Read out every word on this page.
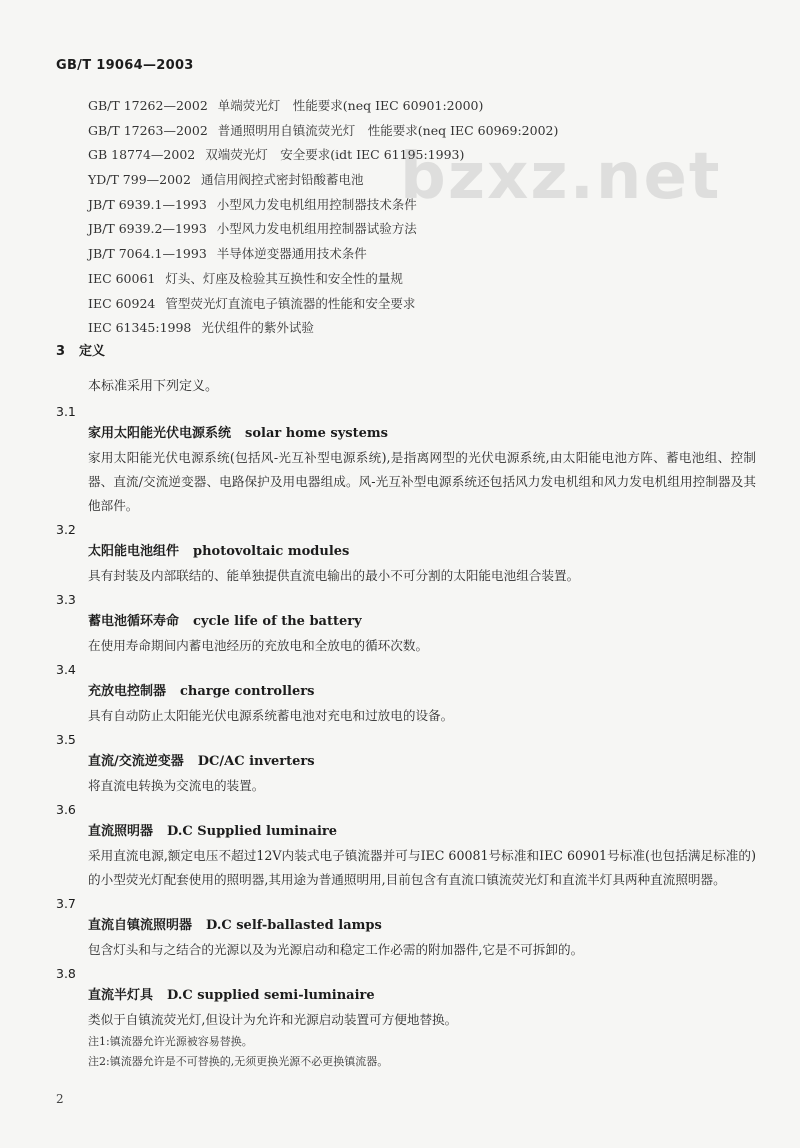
GB/T 19064—2003
bzxz.net
GB/T 17262—2002 单端荧光灯　性能要求(neq IEC 60901:2000)
GB/T 17263—2002 普通照明用自镇流荧光灯　性能要求(neq IEC 60969:2002)
GB 18774—2002 双端荧光灯　安全要求(idt IEC 61195:1993)
YD/T 799—2002 通信用阀控式密封铅酸蓄电池
JB/T 6939.1—1993 小型风力发电机组用控制器技术条件
JB/T 6939.2—1993 小型风力发电机组用控制器试验方法
JB/T 7064.1—1993 半导体逆变器通用技术条件
IEC 60061 灯头、灯座及检验其互换性和安全性的量规
IEC 60924 管型荧光灯直流电子镇流器的性能和安全要求
IEC 61345:1998 光伏组件的紫外试验
3 定义
本标准采用下列定义。
3.1
家用太阳能光伏电源系统 solar home systems
家用太阳能光伏电源系统(包括风-光互补型电源系统),是指离网型的光伏电源系统,由太阳能电池方阵、蓄电池组、控制器、直流/交流逆变器、电路保护及用电器组成。风-光互补型电源系统还包括风力发电机组和风力发电机组用控制器及其他部件。
3.2
太阳能电池组件 photovoltaic modules
具有封装及内部联结的、能单独提供直流电输出的最小不可分割的太阳能电池组合装置。
3.3
蓄电池循环寿命 cycle life of the battery
在使用寿命期间内蓄电池经历的充放电和全放电的循环次数。
3.4
充放电控制器 charge controllers
具有自动防止太阳能光伏电源系统蓄电池对充电和过放电的设备。
3.5
直流/交流逆变器 DC/AC inverters
将直流电转换为交流电的装置。
3.6
直流照明器 D.C Supplied luminaire
采用直流电源,额定电压不超过12V内装式电子镇流器并可与IEC 60081号标准和IEC 60901号标准(也包括满足标准的)的小型荧光灯配套使用的照明器,其用途为普通照明用,目前包含有直流口镇流荧光灯和直流半灯具两种直流照明器。
3.7
直流自镇流照明器 D.C self-ballasted lamps
包含灯头和与之结合的光源以及为光源启动和稳定工作必需的附加器件,它是不可拆卸的。
3.8
直流半灯具 D.C supplied semi-luminaire
类似于自镇流荧光灯,但设计为允许和光源启动装置可方便地替换。
注1:镇流器允许光源被容易替换。
注2:镇流器允许是不可替换的,无须更换光源不必更换镇流器。
2
